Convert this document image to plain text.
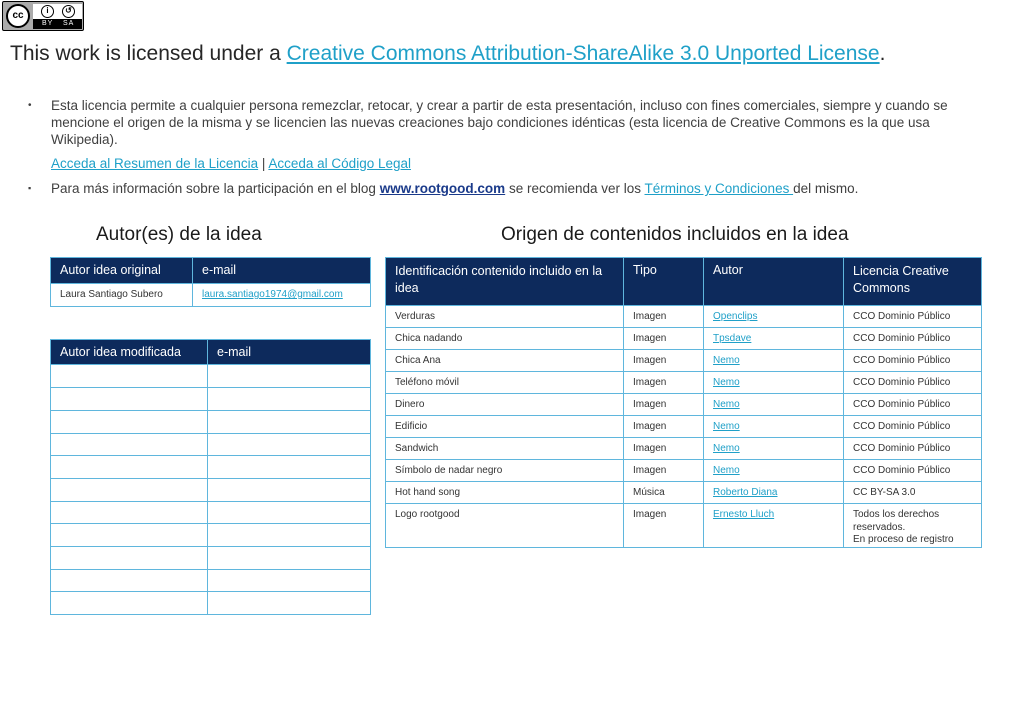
cc	i	↺
BY SA
This work is licensed under a Creative Commons Attribution-ShareAlike 3.0 Unported License.
• Esta licencia permite a cualquier persona remezclar, retocar, y crear a partir de esta presentación, incluso con fines comerciales, siempre y cuando se mencione el origen de la misma y se licencien las nuevas creaciones bajo condiciones idénticas (esta licencia de Creative Commons es la que usa Wikipedia).
Acceda al Resumen de la Licencia | Acceda al Código Legal
▪ Para más información sobre la participación en el blog www.rootgood.com se recomienda ver los Términos y Condiciones del mismo.
Autor(es) de la idea	Origen de contenidos incluidos en la idea
Autor idea original	e-mail
Laura Santiago Subero	laura.santiago1974@gmail.com
Autor idea modificada	e-mail

Identificación contenido incluido en la idea	Tipo	Autor	Licencia Creative Commons
Verduras	Imagen	Openclips	CCO Dominio Público
Chica nadando	Imagen	Tpsdave	CCO Dominio Público
Chica Ana	Imagen	Nemo	CCO Dominio Público
Teléfono móvil	Imagen	Nemo	CCO Dominio Público
Dinero	Imagen	Nemo	CCO Dominio Público
Edificio	Imagen	Nemo	CCO Dominio Público
Sandwich	Imagen	Nemo	CCO Dominio Público
Símbolo de nadar negro	Imagen	Nemo	CCO Dominio Público
Hot hand song	Música	Roberto Diana	CC BY-SA 3.0
Logo rootgood	Imagen	Ernesto Lluch	Todos los derechos
reservados.
En proceso de registro
